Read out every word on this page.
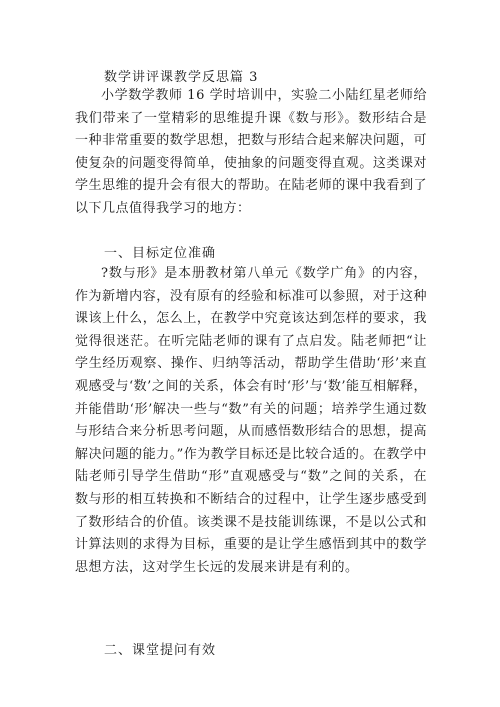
数学讲评课教学反思篇 3
小学数学教师 16 学时培训中，实验二小陆红星老师给我们带来了一堂精彩的思维提升课《数与形》。数形结合是一种非常重要的数学思想，把数与形结合起来解决问题，可使复杂的问题变得简单，使抽象的问题变得直观。这类课对学生思维的提升会有很大的帮助。在陆老师的课中我看到了以下几点值得我学习的地方：
一、目标定位准确
?数与形》是本册教材第八单元《数学广角》的内容，作为新增内容，没有原有的经验和标准可以参照，对于这种课该上什么，怎么上，在教学中究竟该达到怎样的要求，我觉得很迷茫。在听完陆老师的课有了点启发。陆老师把“让学生经历观察、操作、归纳等活动，帮助学生借助‘形’来直观感受与‘数’之间的关系，体会有时‘形’与‘数’能互相解释，并能借助‘形’解决一些与“数”有关的问题；培养学生通过数与形结合来分析思考问题，从而感悟数形结合的思想，提高解决问题的能力。”作为教学目标还是比较合适的。在教学中陆老师引导学生借助“形”直观感受与“数”之间的关系，在数与形的相互转换和不断结合的过程中，让学生逐步感受到了数形结合的价值。该类课不是技能训练课，不是以公式和计算法则的求得为目标，重要的是让学生感悟到其中的数学思想方法，这对学生长远的发展来讲是有利的。
二、课堂提问有效
